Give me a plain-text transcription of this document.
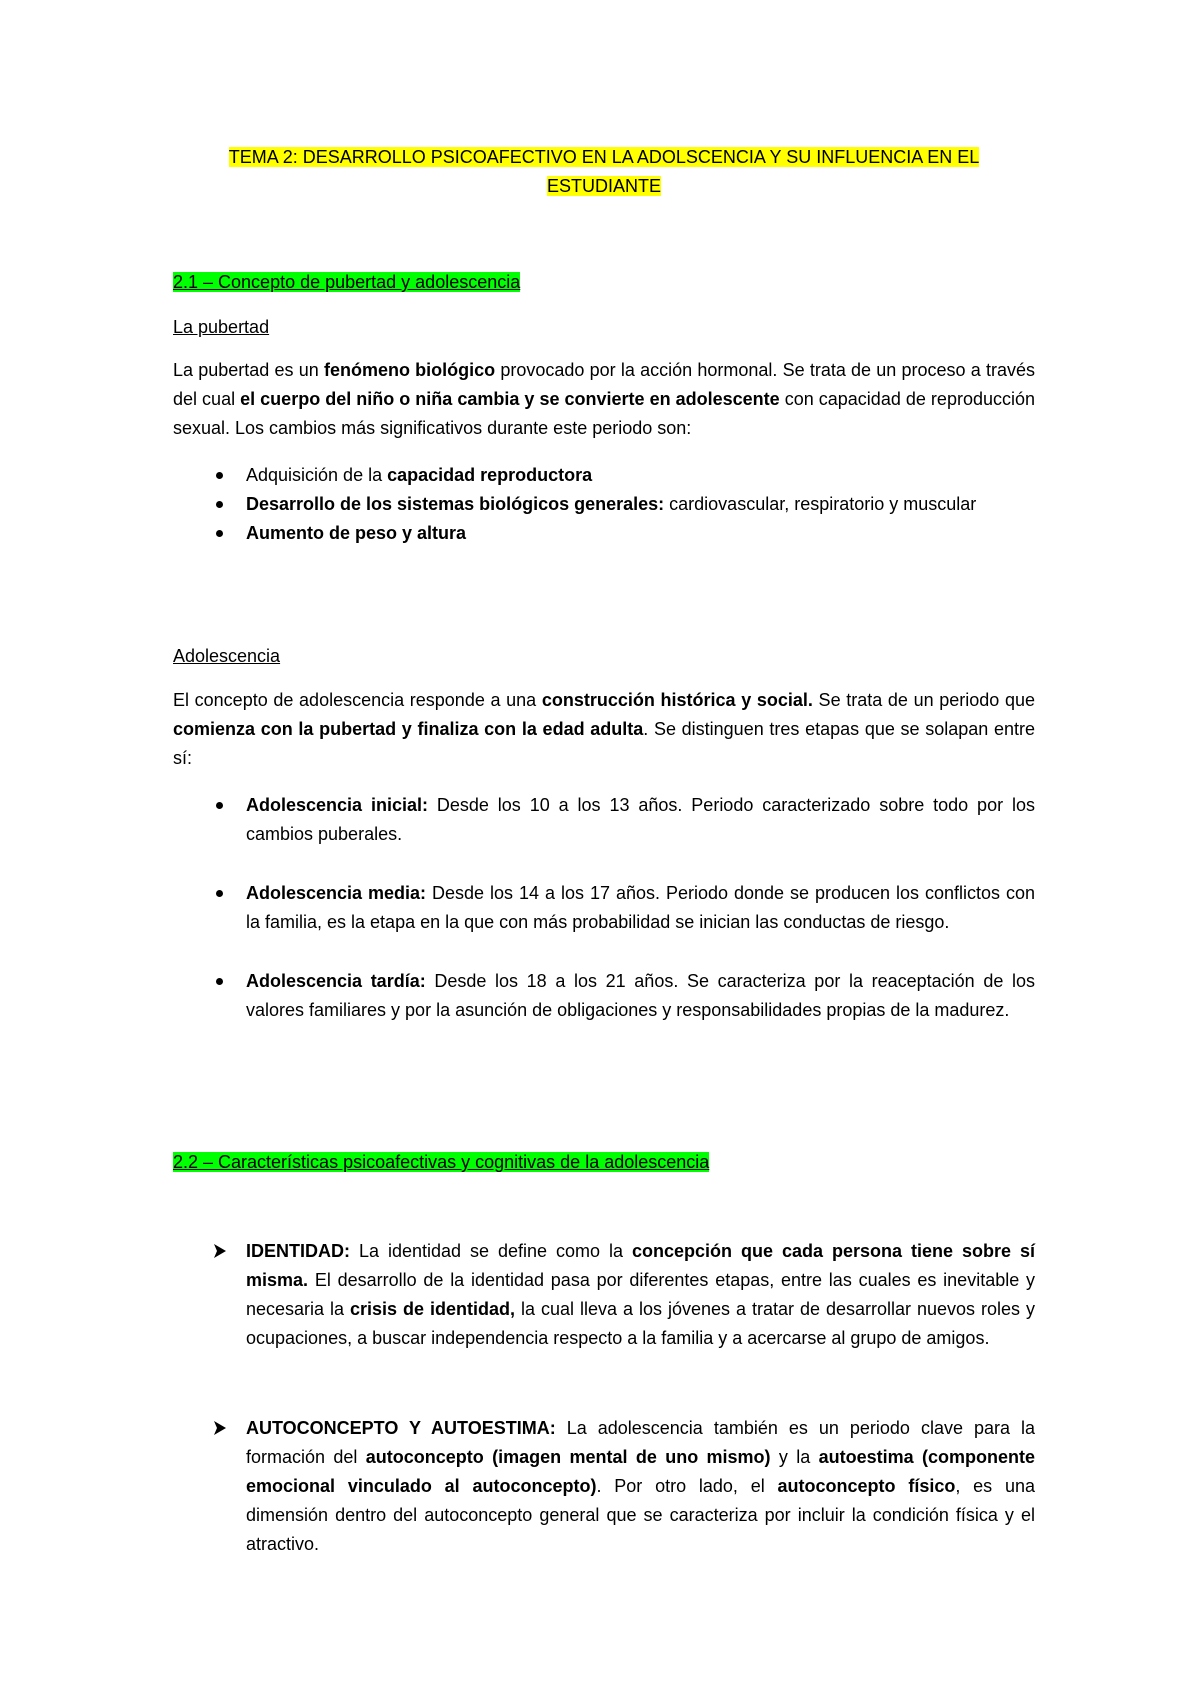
TEMA 2: DESARROLLO PSICOAFECTIVO EN LA ADOLSCENCIA Y SU INFLUENCIA EN EL
ESTUDIANTE
2.1 – Concepto de pubertad y adolescencia
La pubertad
La pubertad es un fenómeno biológico provocado por la acción hormonal. Se trata de un proceso a través del cual el cuerpo del niño o niña cambia y se convierte en adolescente con capacidad de reproducción sexual. Los cambios más significativos durante este periodo son:
Adquisición de la capacidad reproductora
Desarrollo de los sistemas biológicos generales: cardiovascular, respiratorio y muscular
Aumento de peso y altura
Adolescencia
El concepto de adolescencia responde a una construcción histórica y social. Se trata de un periodo que comienza con la pubertad y finaliza con la edad adulta. Se distinguen tres etapas que se solapan entre sí:
Adolescencia inicial: Desde los 10 a los 13 años. Periodo caracterizado sobre todo por los cambios puberales.
Adolescencia media: Desde los 14 a los 17 años. Periodo donde se producen los conflictos con la familia, es la etapa en la que con más probabilidad se inician las conductas de riesgo.
Adolescencia tardía: Desde los 18 a los 21 años. Se caracteriza por la reaceptación de los valores familiares y por la asunción de obligaciones y responsabilidades propias de la madurez.
2.2 – Características psicoafectivas y cognitivas de la adolescencia
IDENTIDAD: La identidad se define como la concepción que cada persona tiene sobre sí misma. El desarrollo de la identidad pasa por diferentes etapas, entre las cuales es inevitable y necesaria la crisis de identidad, la cual lleva a los jóvenes a tratar de desarrollar nuevos roles y ocupaciones, a buscar independencia respecto a la familia y a acercarse al grupo de amigos.
AUTOCONCEPTO Y AUTOESTIMA: La adolescencia también es un periodo clave para la formación del autoconcepto (imagen mental de uno mismo) y la autoestima (componente emocional vinculado al autoconcepto). Por otro lado, el autoconcepto físico, es una dimensión dentro del autoconcepto general que se caracteriza por incluir la condición física y el atractivo.
